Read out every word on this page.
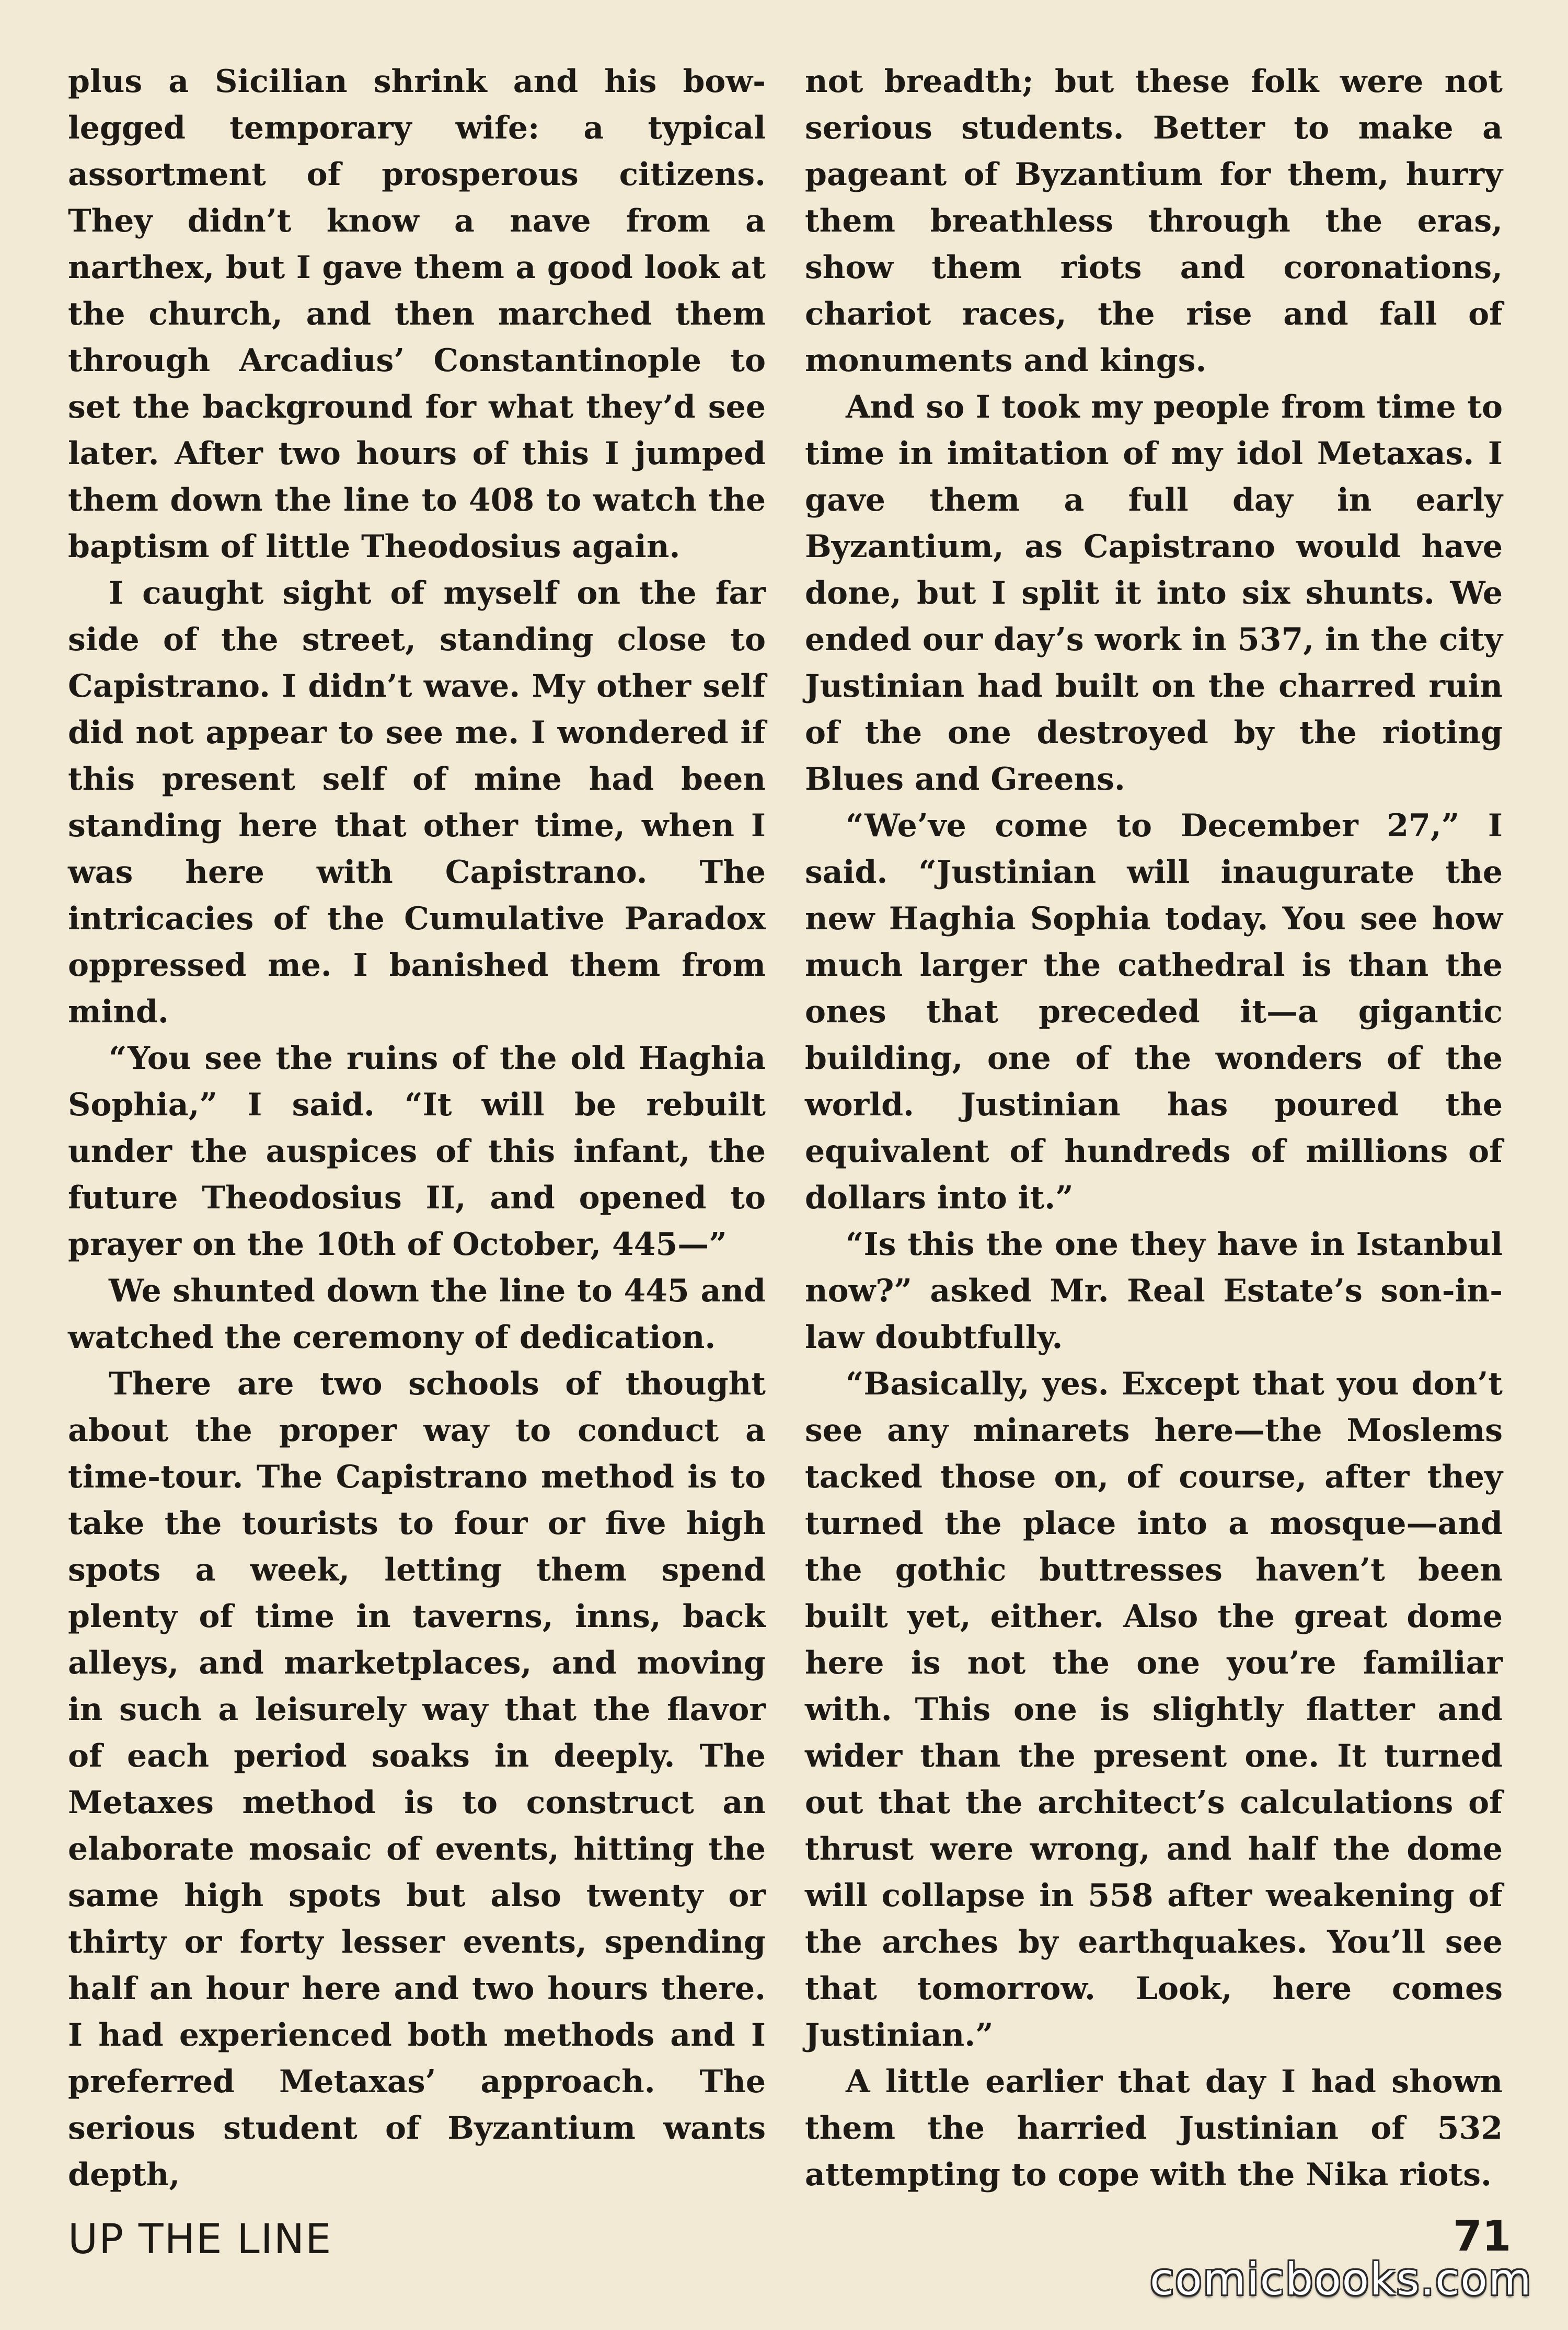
plus a Sicilian shrink and his bow-legged temporary wife: a typical assortment of prosperous citizens. They didn’t know a nave from a narthex, but I gave them a good look at the church, and then marched them through Arcadius’ Constantinople to set the background for what they’d see later. After two hours of this I jumped them down the line to 408 to watch the baptism of little Theodosius again.

I caught sight of myself on the far side of the street, standing close to Capistrano. I didn’t wave. My other self did not appear to see me. I wondered if this present self of mine had been standing here that other time, when I was here with Capistrano. The intricacies of the Cumulative Paradox oppressed me. I banished them from mind.

“You see the ruins of the old Haghia Sophia,” I said. “It will be rebuilt under the auspices of this infant, the future Theodosius II, and opened to prayer on the 10th of October, 445—”

We shunted down the line to 445 and watched the ceremony of dedication.

There are two schools of thought about the proper way to conduct a time-tour. The Capistrano method is to take the tourists to four or five high spots a week, letting them spend plenty of time in taverns, inns, back alleys, and marketplaces, and moving in such a leisurely way that the flavor of each period soaks in deeply. The Metaxes method is to construct an elaborate mosaic of events, hitting the same high spots but also twenty or thirty or forty lesser events, spending half an hour here and two hours there. I had experienced both methods and I preferred Metaxas’ approach. The serious student of Byzantium wants depth,

not breadth; but these folk were not serious students. Better to make a pageant of Byzantium for them, hurry them breathless through the eras, show them riots and coronations, chariot races, the rise and fall of monuments and kings.

And so I took my people from time to time in imitation of my idol Metaxas. I gave them a full day in early Byzantium, as Capistrano would have done, but I split it into six shunts. We ended our day’s work in 537, in the city Justinian had built on the charred ruin of the one destroyed by the rioting Blues and Greens.

“We’ve come to December 27,” I said. “Justinian will inaugurate the new Haghia Sophia today. You see how much larger the cathedral is than the ones that preceded it—a gigantic building, one of the wonders of the world. Justinian has poured the equivalent of hundreds of millions of dollars into it.”

“Is this the one they have in Istanbul now?” asked Mr. Real Estate’s son-in-law doubtfully.

“Basically, yes. Except that you don’t see any minarets here—the Moslems tacked those on, of course, after they turned the place into a mosque—and the gothic buttresses haven’t been built yet, either. Also the great dome here is not the one you’re familiar with. This one is slightly flatter and wider than the present one. It turned out that the architect’s calculations of thrust were wrong, and half the dome will collapse in 558 after weakening of the arches by earthquakes. You’ll see that tomorrow. Look, here comes Justinian.”

A little earlier that day I had shown them the harried Justinian of 532 attempting to cope with the Nika riots.

UP THE LINE	71
comicbooks.com
